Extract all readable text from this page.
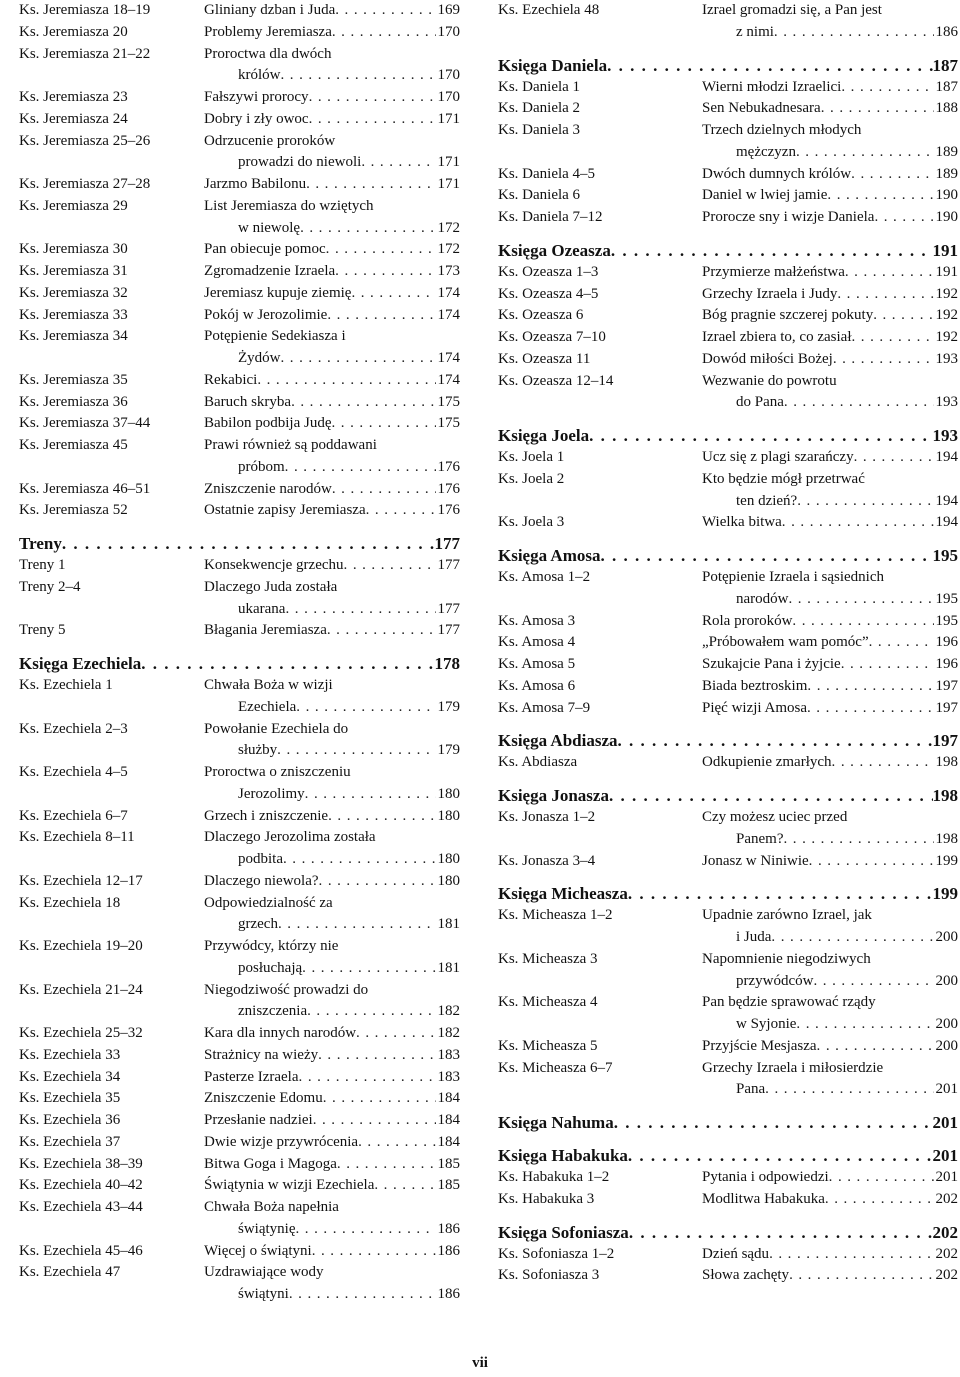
Ks. Jeremiasza 18–19	Gliniany dzban i Juda . . .	169
Ks. Jeremiasza 20	Problemy Jeremiasza . . .	170
Ks. Jeremiasza 21–22	Proroctwa dla dwóch
królów . . .	170
Ks. Jeremiasza 23	Fałszywi prorocy . . .	170
Ks. Jeremiasza 24	Dobry i zły owoc . . .	171
Ks. Jeremiasza 25–26	Odrzucenie proroków
prowadzi do niewoli . . .	171
Ks. Jeremiasza 27–28	Jarzmo Babilonu . . .	171
Ks. Jeremiasza 29	List Jeremiasza do wziętych
w niewolę . . .	172
Ks. Jeremiasza 30	Pan obiecuje pomoc . . .	172
Ks. Jeremiasza 31	Zgromadzenie Izraela . . .	173
Ks. Jeremiasza 32	Jeremiasz kupuje ziemię . . .	174
Ks. Jeremiasza 33	Pokój w Jerozolimie . . .	174
Ks. Jeremiasza 34	Potępienie Sedekiasza i
Żydów . . .	174
Ks. Jeremiasza 35	Rekabici . . .	174
Ks. Jeremiasza 36	Baruch skryba . . .	175
Ks. Jeremiasza 37–44	Babilon podbija Judę . . .	175
Ks. Jeremiasza 45	Prawi również są poddawani
próbom . . .	176
Ks. Jeremiasza 46–51	Zniszczenie narodów . . .	176
Ks. Jeremiasza 52	Ostatnie zapisy Jeremiasza . . .	176
Treny . . .	177
Treny 1	Konsekwencje grzechu . . .	177
Treny 2–4	Dlaczego Juda została
ukarana . . .	177
Treny 5	Błagania Jeremiasza . . .	177
Księga Ezechiela . . .	178
Ks. Ezechiela 1	Chwała Boża w wizji
Ezechiela . . .	179
Ks. Ezechiela 2–3	Powołanie Ezechiela do
służby . . .	179
Ks. Ezechiela 4–5	Proroctwa o zniszczeniu
Jerozolimy . . .	180
Ks. Ezechiela 6–7	Grzech i zniszczenie . . .	180
Ks. Ezechiela 8–11	Dlaczego Jerozolima została
podbita . . .	180
Ks. Ezechiela 12–17	Dlaczego niewola? . . .	180
Ks. Ezechiela 18	Odpowiedzialność za
grzech . . .	181
Ks. Ezechiela 19–20	Przywódcy, którzy nie
posłuchają . . .	181
Ks. Ezechiela 21–24	Niegodziwość prowadzi do
zniszczenia . . .	182
Ks. Ezechiela 25–32	Kara dla innych narodów . . .	182
Ks. Ezechiela 33	Strażnicy na wieży . . .	183
Ks. Ezechiela 34	Pasterze Izraela . . .	183
Ks. Ezechiela 35	Zniszczenie Edomu . . .	184
Ks. Ezechiela 36	Przesłanie nadziei . . .	184
Ks. Ezechiela 37	Dwie wizje przywrócenia . . .	184
Ks. Ezechiela 38–39	Bitwa Goga i Magoga . . .	185
Ks. Ezechiela 40–42	Świątynia w wizji Ezechiela . . .	185
Ks. Ezechiela 43–44	Chwała Boża napełnia
świątynię . . .	186
Ks. Ezechiela 45–46	Więcej o świątyni . . .	186
Ks. Ezechiela 47	Uzdrawiające wody
świątyni . . .	186
Ks. Ezechiela 48	Izrael gromadzi się, a Pan jest
z nimi . . .	186
Księga Daniela . . .	187
Ks. Daniela 1	Wierni młodzi Izraelici . . .	187
Ks. Daniela 2	Sen Nebukadnesara . . .	188
Ks. Daniela 3	Trzech dzielnych młodych
mężczyzn . . .	189
Ks. Daniela 4–5	Dwóch dumnych królów . . .	189
Ks. Daniela 6	Daniel w lwiej jamie . . .	190
Ks. Daniela 7–12	Prorocze sny i wizje Daniela . . .	190
Księga Ozeasza . . .	191
Ks. Ozeasza 1–3	Przymierze małżeństwa . . .	191
Ks. Ozeasza 4–5	Grzechy Izraela i Judy . . .	192
Ks. Ozeasza 6	Bóg pragnie szczerej pokuty . . .	192
Ks. Ozeasza 7–10	Izrael zbiera to, co zasiał . . .	192
Ks. Ozeasza 11	Dowód miłości Bożej . . .	193
Ks. Ozeasza 12–14	Wezwanie do powrotu
do Pana . . .	193
Księga Joela . . .	193
Ks. Joela 1	Ucz się z plagi szarańczy . . .	194
Ks. Joela 2	Kto będzie mógł przetrwać
ten dzień? . . .	194
Ks. Joela 3	Wielka bitwa . . .	194
Księga Amosa . . .	195
Ks. Amosa 1–2	Potępienie Izraela i sąsiednich
narodów . . .	195
Ks. Amosa 3	Rola proroków . . .	195
Ks. Amosa 4	„Próbowałem wam pomóc” . . .	196
Ks. Amosa 5	Szukajcie Pana i żyjcie . . .	196
Ks. Amosa 6	Biada beztroskim . . .	197
Ks. Amosa 7–9	Pięć wizji Amosa . . .	197
Księga Abdiasza . . .	197
Ks. Abdiasza	Odkupienie zmarłych . . .	198
Księga Jonasza . . .	198
Ks. Jonasza 1–2	Czy możesz uciec przed
Panem? . . .	198
Ks. Jonasza 3–4	Jonasz w Niniwie . . .	199
Księga Micheasza . . .	199
Ks. Micheasza 1–2	Upadnie zarówno Izrael, jak
i Juda . . .	200
Ks. Micheasza 3	Napomnienie niegodziwych
przywódców . . .	200
Ks. Micheasza 4	Pan będzie sprawować rządy
w Syjonie . . .	200
Ks. Micheasza 5	Przyjście Mesjasza . . .	200
Ks. Micheasza 6–7	Grzechy Izraela i miłosierdzie
Pana . . .	201
Księga Nahuma . . .	201
Księga Habakuka . . .	201
Ks. Habakuka 1–2	Pytania i odpowiedzi . . .	201
Ks. Habakuka 3	Modlitwa Habakuka . . .	202
Księga Sofoniasza . . .	202
Ks. Sofoniasza 1–2	Dzień sądu . . .	202
Ks. Sofoniasza 3	Słowa zachęty . . .	202
vii
